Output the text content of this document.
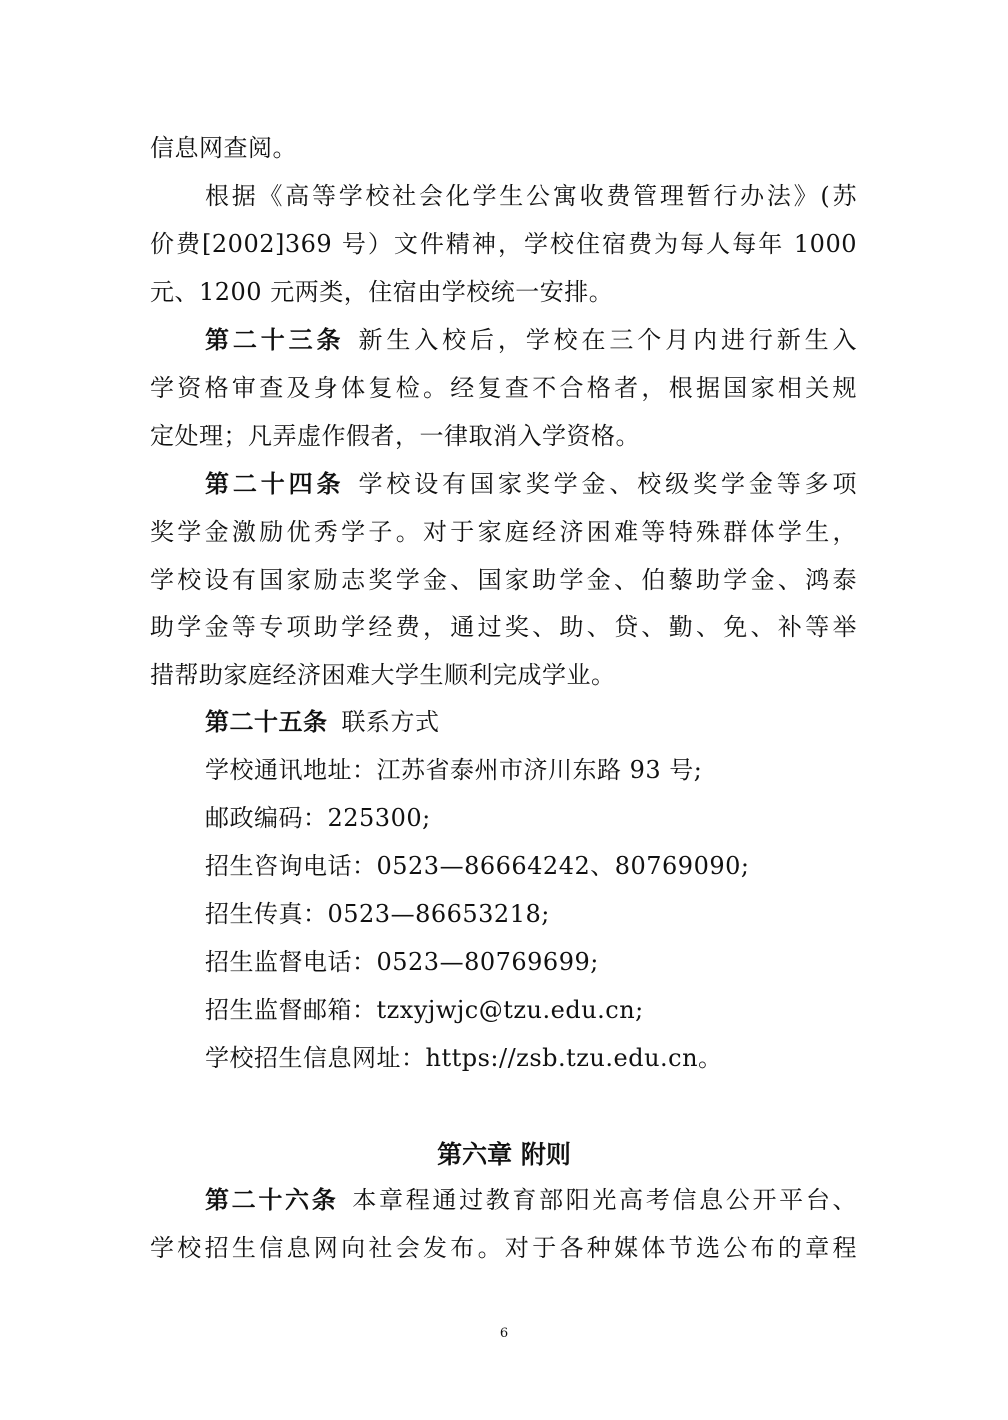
信息网查阅。
根据《高等学校社会化学生公寓收费管理暂行办法》(苏
价费[2002]369 号）文件精神，学校住宿费为每人每年 1000
元、1200 元两类，住宿由学校统一安排。
第二十三条 新生入校后，学校在三个月内进行新生入
学资格审查及身体复检。经复查不合格者，根据国家相关规
定处理；凡弄虚作假者，一律取消入学资格。
第二十四条 学校设有国家奖学金、校级奖学金等多项
奖学金激励优秀学子。对于家庭经济困难等特殊群体学生，
学校设有国家励志奖学金、国家助学金、伯藜助学金、鸿泰
助学金等专项助学经费，通过奖、助、贷、勤、免、补等举
措帮助家庭经济困难大学生顺利完成学业。
第二十五条 联系方式
学校通讯地址：江苏省泰州市济川东路 93 号;
邮政编码：225300;
招生咨询电话：0523—86664242、80769090;
招生传真：0523—86653218;
招生监督电话：0523—80769699;
招生监督邮箱：tzxyjwjc@tzu.edu.cn;
学校招生信息网址：https://zsb.tzu.edu.cn。
第六章 附则
第二十六条 本章程通过教育部阳光高考信息公开平台、
学校招生信息网向社会发布。对于各种媒体节选公布的章程
6
